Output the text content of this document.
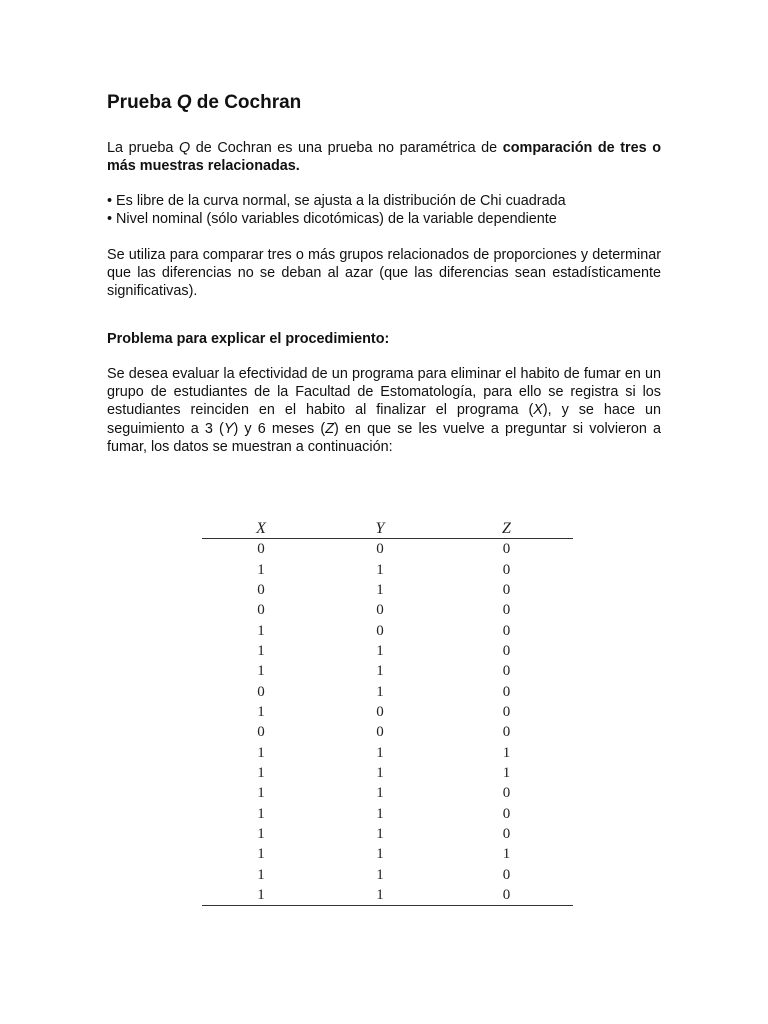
Prueba Q de Cochran

La prueba Q de Cochran es una prueba no paramétrica de comparación de tres o más muestras relacionadas.

• Es libre de la curva normal, se ajusta a la distribución de Chi cuadrada
• Nivel nominal (sólo variables dicotómicas) de la variable dependiente

Se utiliza para comparar tres o más grupos relacionados de proporciones y determinar que las diferencias no se deban al azar (que las diferencias sean estadísticamente significativas).

Problema para explicar el procedimiento:

Se desea evaluar la efectividad de un programa para eliminar el habito de fumar en un grupo de estudiantes de la Facultad de Estomatología, para ello se registra si los estudiantes reinciden en el habito al finalizar el programa (X), y se hace un seguimiento a 3 (Y) y 6 meses (Z) en que se les vuelve a preguntar si volvieron a fumar, los datos se muestran a continuación:

X	Y	Z
0	0	0
1	1	0
0	1	0
0	0	0
1	0	0
1	1	0
1	1	0
0	1	0
1	0	0
0	0	0
1	1	1
1	1	1
1	1	0
1	1	0
1	1	0
1	1	1
1	1	0
1	1	0
